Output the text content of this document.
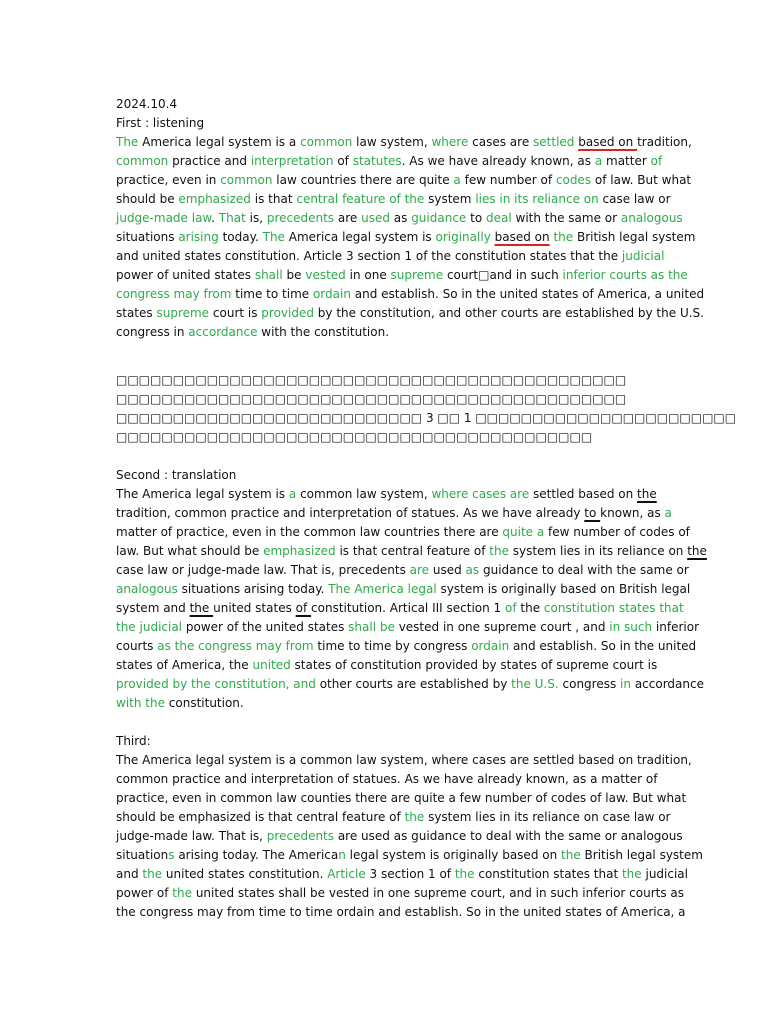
2024.10.4
First : listening
The America legal system is a common law system, where cases are settled based on tradition,
common practice and interpretation of statutes. As we have already known, as a matter of
practice, even in common law countries there are quite a few number of codes of law. But what
should be emphasized is that central feature of the system lies in its reliance on case law or
judge-made law. That is, precedents are used as guidance to deal with the same or analogous
situations arising today. The America legal system is originally based on the British legal system
and united states constitution. Article 3 section 1 of the constitution states that the judicial
power of united states shall be vested in one supreme court□and in such inferior courts as the
congress may from time to time ordain and establish. So in the united states of America, a united
states supreme court is provided by the constitution, and other courts are established by the U.S.
congress in accordance with the constitution.
□□□□□□□□□□□□□□□□□□□□□□□□□□□□□□□□□□□□□□□□□□□□□
□□□□□□□□□□□□□□□□□□□□□□□□□□□□□□□□□□□□□□□□□□□□□
□□□□□□□□□□□□□□□□□□□□□□□□□□□ 3 □□ 1 □□□□□□□□□□□□□□□□□□□□□□□
□□□□□□□□□□□□□□□□□□□□□□□□□□□□□□□□□□□□□□□□□□
Second : translation
The America legal system is a common law system, where cases are settled based on the
tradition, common practice and interpretation of statues. As we have already to known, as a
matter of practice, even in the common law countries there are quite a few number of codes of
law. But what should be emphasized is that central feature of the system lies in its reliance on the
case law or judge-made law. That is, precedents are used as guidance to deal with the same or
analogous situations arising today. The America legal system is originally based on British legal
system and the united states of constitution. Artical III section 1 of the constitution states that
the judicial power of the united states shall be vested in one supreme court , and in such inferior
courts as the congress may from time to time by congress ordain and establish. So in the united
states of America, the united states of constitution provided by states of supreme court is
provided by the constitution, and other courts are established by the U.S. congress in accordance
with the constitution.
Third:
The America legal system is a common law system, where cases are settled based on tradition,
common practice and interpretation of statues. As we have already known, as a matter of
practice, even in common law counties there are quite a few number of codes of law. But what
should be emphasized is that central feature of the system lies in its reliance on case law or
judge-made law. That is, precedents are used as guidance to deal with the same or analogous
situations arising today. The American legal system is originally based on the British legal system
and the united states constitution. Article 3 section 1 of the constitution states that the judicial
power of the united states shall be vested in one supreme court, and in such inferior courts as
the congress may from time to time ordain and establish. So in the united states of America, a
